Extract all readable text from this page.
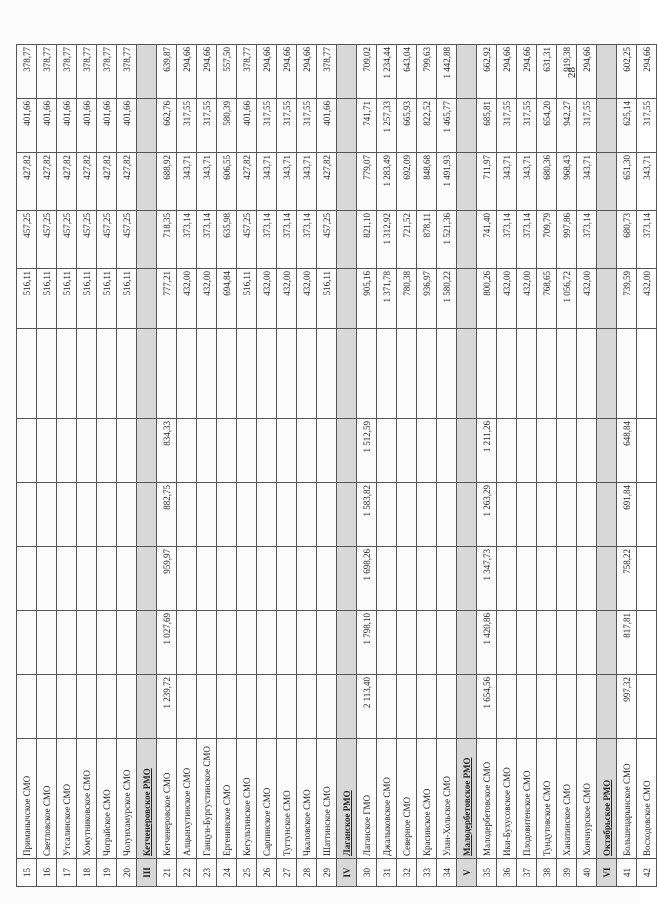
28
15	Приманычское СМО							516,11	457,25	427,82	401,66	378,77
16	Светловское СМО							516,11	457,25	427,82	401,66	378,77
17	Утсалинское СМО							516,11	457,25	427,82	401,66	378,77
18	Хомутниковское СМО							516,11	457,25	427,82	401,66	378,77
19	Чограйское СМО							516,11	457,25	427,82	401,66	378,77
20	Чолунхамурское СМО							516,11	457,25	427,82	401,66	378,77
III	Кетченеровское РМО											
21	Кетченеровское СМО	1 239,72	1 027,69	959,97	882,75	834,33		777,21	718,35	688,92	662,76	639,87
22	Алцынхутинское СМО							432,00	373,14	343,71	317,55	294,66
23	Ганцун-Бургустинское СМО							432,00	373,14	343,71	317,55	294,66
24	Ергенинское СМО							694,84	635,98	606,55	580,39	557,50
25	Кегультинское СМО							516,11	457,25	427,82	401,66	378,77
26	Сарпинское СМО							432,00	373,14	343,71	317,55	294,66
27	Тугтунское СМО							432,00	373,14	343,71	317,55	294,66
28	Чкаловское СМО							432,00	373,14	343,71	317,55	294,66
29	Шаттинское СМО							516,11	457,25	427,82	401,66	378,77
IV	Лаганское РМО											
30	Лаганское ГМО	2 113,40	1 798,10	1 698,26	1 583,82	1 512,59		905,16	821,10	779,07	741,71	709,02
31	Джалыковское СМО							1 371,78	1 312,92	1 283,49	1 257,33	1 234,44
32	Северное СМО							780,38	721,52	692,09	665,93	643,04
33	Красинское СМО							936,97	878,11	848,68	822,52	799,63
34	Улан-Хольское СМО							1 580,22	1 521,36	1 491,93	1 465,77	1 442,88
V	Малодербетовское РМО											
35	Малодербетовское СМО	1 654,56	1 420,86	1 347,73	1 263,29	1 211,26		800,26	741,40	711,97	685,81	662,92
36	Ики-Бухусовское СМО							432,00	373,14	343,71	317,55	294,66
37	Плодовитенское СМО							432,00	373,14	343,71	317,55	294,66
38	Тундутовское СМО							768,65	709,79	680,36	654,20	631,31
39	Ханатинское СМО							1 056,72	997,86	968,43	942,27	919,38
40	Хончнурское СМО							432,00	373,14	343,71	317,55	294,66
VI	Октябрьское РМО											
41	Большецарынское СМО	997,32	817,81	758,22	691,84	648,84		739,59	680,73	651,30	625,14	602,25
42	Восходовское СМО							432,00	373,14	343,71	317,55	294,66
